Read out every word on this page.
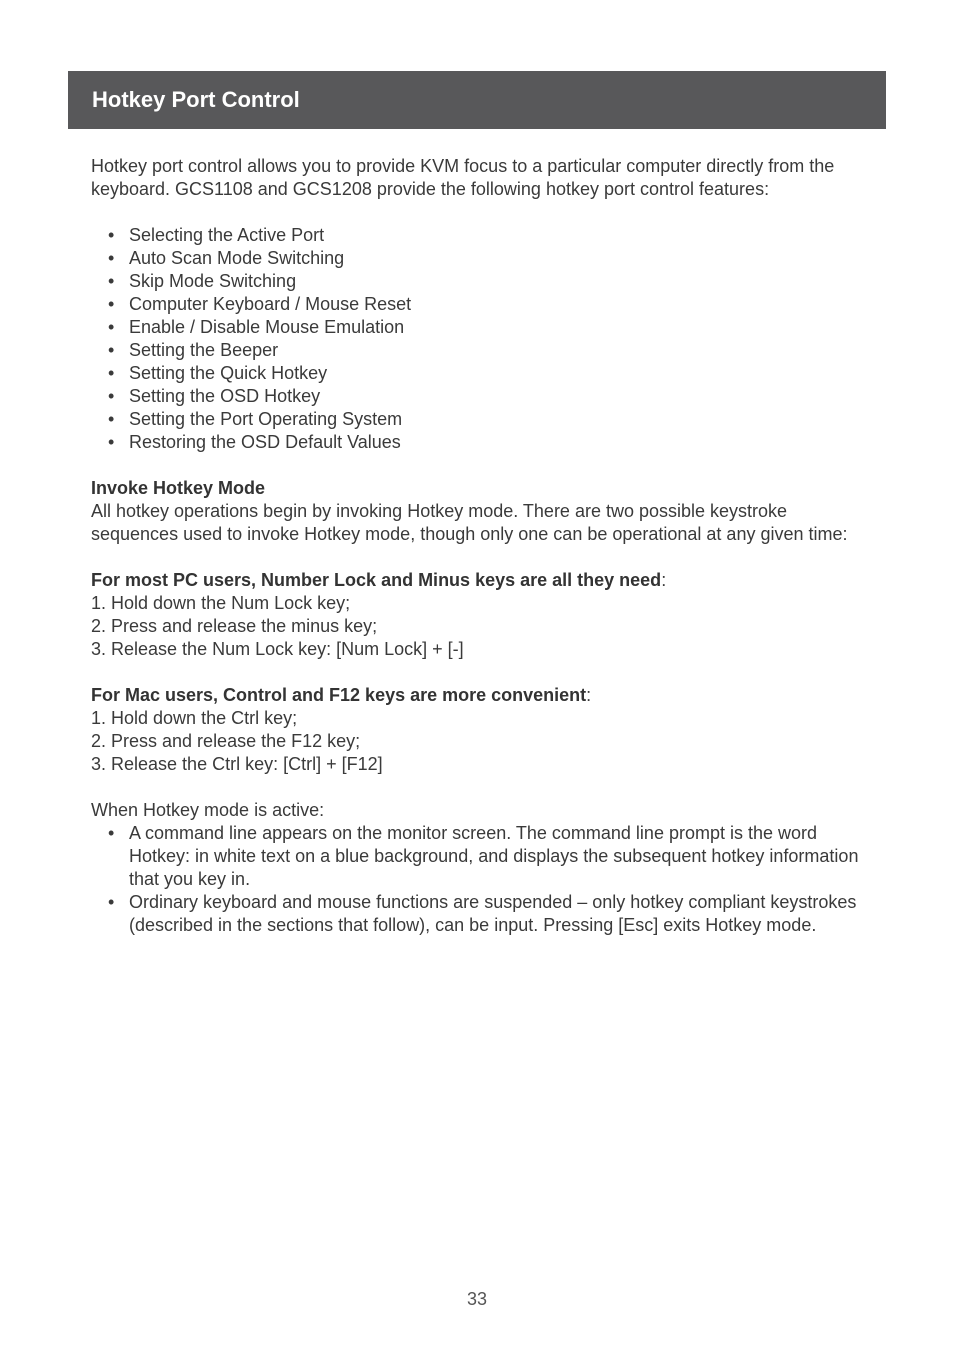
Hotkey Port Control

Hotkey port control allows you to provide KVM focus to a particular computer directly from the keyboard. GCS1108 and GCS1208 provide the following hotkey port control features:

• Selecting the Active Port
• Auto Scan Mode Switching
• Skip Mode Switching
• Computer Keyboard / Mouse Reset
• Enable / Disable Mouse Emulation
• Setting the Beeper
• Setting the Quick Hotkey
• Setting the OSD Hotkey
• Setting the Port Operating System
• Restoring the OSD Default Values

Invoke Hotkey Mode

All hotkey operations begin by invoking Hotkey mode. There are two possible keystroke sequences used to invoke Hotkey mode, though only one can be operational at any given time:

For most PC users, Number Lock and Minus keys are all they need:

1. Hold down the Num Lock key;
2. Press and release the minus key;
3. Release the Num Lock key: [Num Lock] + [-]

For Mac users, Control and F12 keys are more convenient:

1. Hold down the Ctrl key;
2. Press and release the F12 key;
3. Release the Ctrl key: [Ctrl] + [F12]

When Hotkey mode is active:

• A command line appears on the monitor screen. The command line prompt is the word Hotkey: in white text on a blue background, and displays the subsequent hotkey information that you key in.
• Ordinary keyboard and mouse functions are suspended – only hotkey compliant keystrokes (described in the sections that follow), can be input. Pressing [Esc] exits Hotkey mode.
33
